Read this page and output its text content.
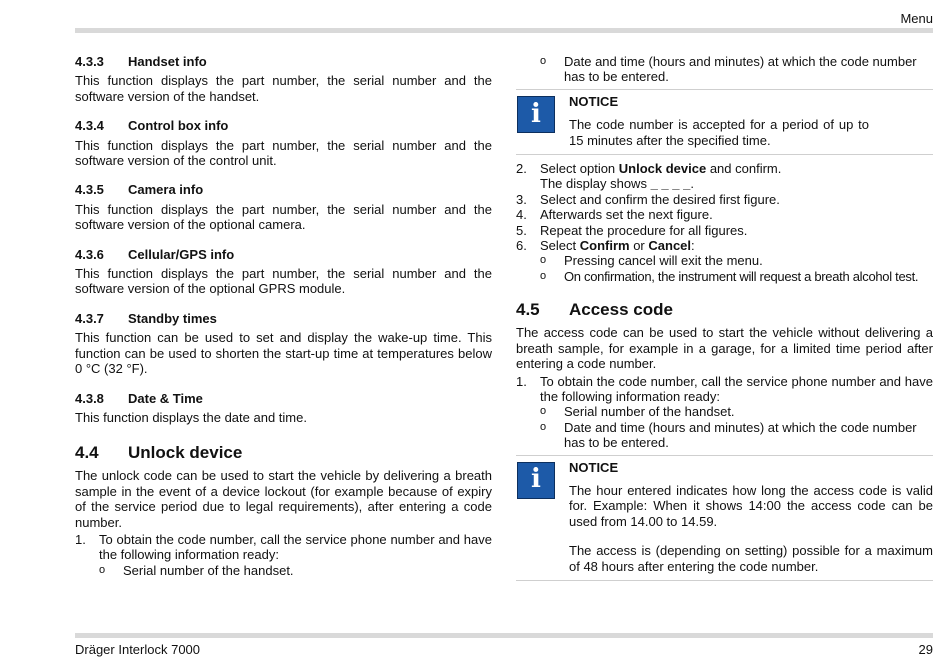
Menu
4.3.3	Handset info

This function displays the part number, the serial number and the software version of the handset.

4.3.4	Control box info

This function displays the part number, the serial number and the software version of the control unit.

4.3.5	Camera info

This function displays the part number, the serial number and the software version of the optional camera.

4.3.6	Cellular/GPS info

This function displays the part number, the serial number and the software version of the optional GPRS module.

4.3.7	Standby times

This function can be used to set and display the wake-up time. This function can be used to shorten the start-up time at temperatures below 0 °C (32 °F).

4.3.8	Date & Time

This function displays the date and time.

4.4	Unlock device

The unlock code can be used to start the vehicle by delivering a breath sample in the event of a device lockout (for example because of expiry of the service period due to legal requirements), after entering a code number.

1.	To obtain the code number, call the service phone number and have the following information ready:
o	Serial number of the handset.
o	Date and time (hours and minutes) at which the code number has to be entered.
i	NOTICE
The code number is accepted for a period of up to 15 minutes after the specified time.
2.	Select option Unlock device and confirm.
The display shows _ _ _ _.
3.	Select and confirm the desired first figure.
4.	Afterwards set the next figure.
5.	Repeat the procedure for all figures.
6.	Select Confirm or Cancel:
o	Pressing cancel will exit the menu.
o	On confirmation, the instrument will request a breath alcohol test.
4.5	Access code

The access code can be used to start the vehicle without delivering a breath sample, for example in a garage, for a limited time period after entering a code number.

1.	To obtain the code number, call the service phone number and have the following information ready:
o	Serial number of the handset.
o	Date and time (hours and minutes) at which the code number has to be entered.
i	NOTICE
The hour entered indicates how long the access code is valid for. Example: When it shows 14:00 the access code can be used from 14.00 to 14.59.
The access is (depending on setting) possible for a maximum of 48 hours after entering the code number.
Dräger Interlock 7000	29
